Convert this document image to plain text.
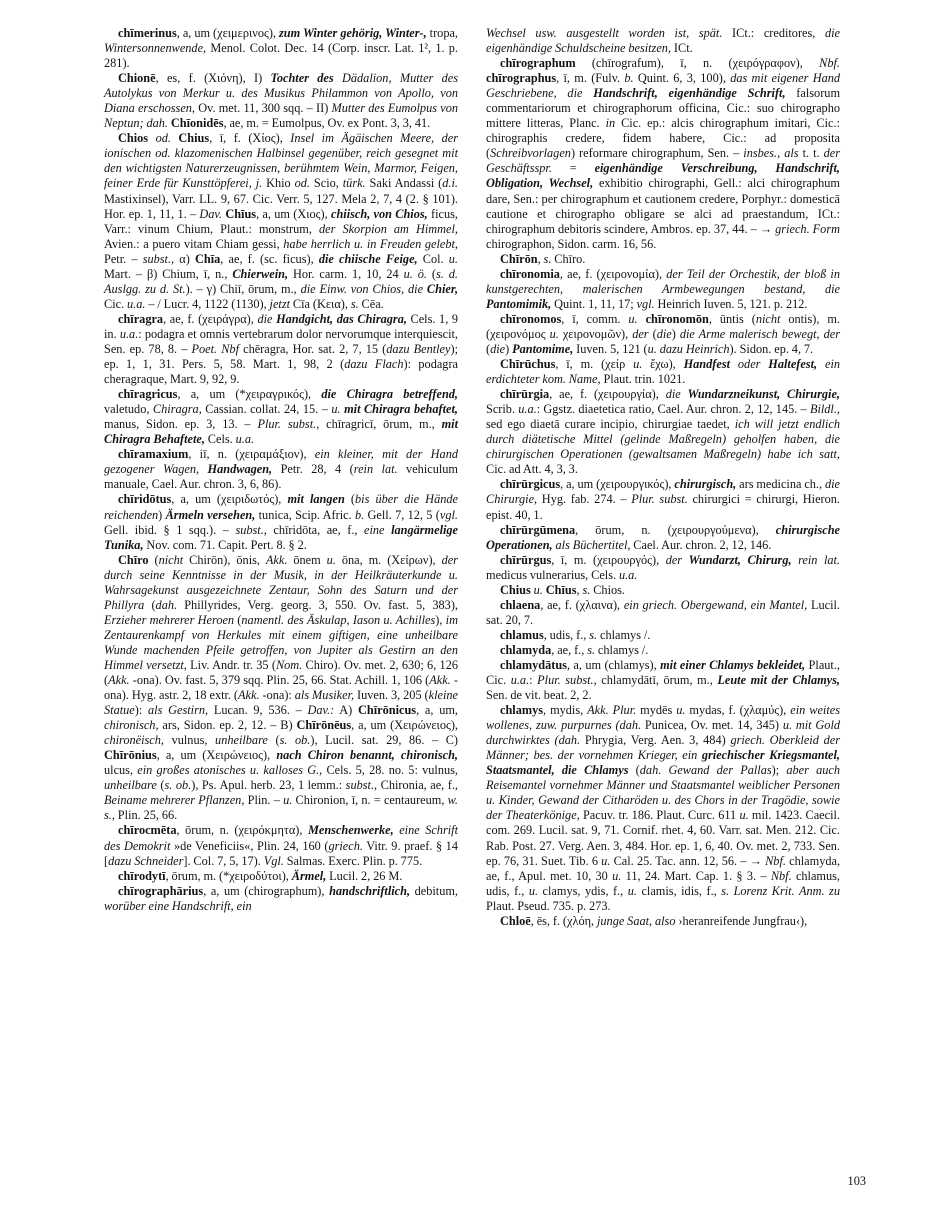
chīmerinus, a, um (χειμερινος), zum Winter gehörig, Winter-, tropa, Wintersonnenwende, Menol. Colot. Dec. 14 (Corp. inscr. Lat. 1², 1. p. 281).

Chionē, es, f. (Χιόνη), I) Tochter des Dädalion, Mutter des Autolykus von Merkur u. des Musikus Philammon von Apollo, von Diana erschossen, Ov. met. 11, 300 sqq. – II) Mutter des Eumolpus von Neptun; dah. Chīonidēs, ae, m. = Eumolpus, Ov. ex Pont. 3, 3, 41.

Chios od. Chius, ī, f. (Χίος), Insel im Ägäischen Meere, der ionischen od. klazomenischen Halbinsel gegenüber, reich gesegnet mit den wichtigsten Naturerzeugnissen, berühmtem Wein, Marmor, Feigen, feiner Erde für Kunsttöpferei, j. Khio od. Scio, türk. Saki Andassi (d.i. Mastixinsel), Varr. LL. 9, 67. Cic. Verr. 5, 127. Mela 2, 7, 4 (2. § 101). Hor. ep. 1, 11, 1. – Dav. Chīus, a, um (Χιος), chiisch, von Chios, ficus, Varr.: vinum Chium, Plaut.: monstrum, der Skorpion am Himmel, Avien.: a puero vitam Chiam gessi, habe herrlich u. in Freuden gelebt, Petr. – subst., α) Chīa, ae, f. (sc. ficus), die chiische Feige, Col. u. Mart. – β) Chium, ī, n., Chierwein, Hor. carm. 1, 10, 24 u. ö. (s. d. Auslgg. zu d. St.). – γ) Chiī, ōrum, m., die Einw. von Chios, die Chier, Cic. u.a. – / Lucr. 4, 1122 (1130), jetzt Cīa (Κεια), s. Cēa.

chīragra, ae, f. (χειράγρα), die Handgicht, das Chiragra, Cels. 1, 9 in. u.a.: podagra et omnis vertebrarum dolor nervorumque interquiescit, Sen. ep. 78, 8. – Poet. Nbf chēragra, Hor. sat. 2, 7, 15 (dazu Bentley); ep. 1, 1, 31. Pers. 5, 58. Mart. 1, 98, 2 (dazu Flach): podagra cheragraque, Mart. 9, 92, 9.

chīragricus, a, um (*χειραγρικός), die Chiragra betreffend, valetudo, Chiragra, Cassian. collat. 24, 15. – u. mit Chiragra behaftet, manus, Sidon. ep. 3, 13. – Plur. subst., chīragricī, ōrum, m., mit Chiragra Behaftete, Cels. u.a.

chīramaxium, iī, n. (χειραμάξιον), ein kleiner, mit der Hand gezogener Wagen, Handwagen, Petr. 28, 4 (rein lat. vehiculum manuale, Cael. Aur. chron. 3, 6, 86).

chīridōtus, a, um (χειριδωτός), mit langen (bis über die Hände reichenden) Ärmeln versehen, tunica, Scip. Afric. b. Gell. 7, 12, 5 (vgl. Gell. ibid. § 1 sqq.). – subst., chīridōta, ae, f., eine langärmelige Tunika, Nov. com. 71. Capit. Pert. 8. § 2.

Chīro (nicht Chirōn), ōnis, Akk. ōnem u. ōna, m. (Χείρων), der durch seine Kenntnisse in der Musik, in der Heilkräuterkunde u. Wahrsagekunst ausgezeichnete Zentaur, Sohn des Saturn und der Phillyra (dah. Phillyrides, Verg. georg. 3, 550. Ov. fast. 5, 383), Erzieher mehrerer Heroen (namentl. des Äskulap, Iason u. Achilles), im Zentaurenkampf von Herkules mit einem giftigen, eine unheilbare Wunde machenden Pfeile getroffen, von Jupiter als Gestirn an den Himmel versetzt, Liv. Andr. tr. 35 (Nom. Chiro). Ov. met. 2, 630; 6, 126 (Akk. -ona). Ov. fast. 5, 379 sqq. Plin. 25, 66. Stat. Achill. 1, 106 (Akk. -ona). Hyg. astr. 2, 18 extr. (Akk. -ona): als Musiker, Iuven. 3, 205 (kleine Statue): als Gestirn, Lucan. 9, 536. – Dav.: A) Chīrōnicus, a, um, chironisch, ars, Sidon. ep. 2, 12. – B) Chīrōnēus, a, um (Χειρώνειος), chironëisch, vulnus, unheilbare (s. ob.), Lucil. sat. 29, 86. – C) Chīrōnius, a, um (Χειρώνειος), nach Chiron benannt, chironisch, ulcus, ein großes atonisches u. kalloses G., Cels. 5, 28. no. 5: vulnus, unheilbare (s. ob.), Ps. Apul. herb. 23, 1 lemm.: subst., Chironia, ae, f., Beiname mehrerer Pflanzen, Plin. – u. Chironion, ī, n. = centaureum, w. s., Plin. 25, 66.

chīrocmēta, ōrum, n. (χειρόκμητα), Menschenwerke, eine Schrift des Demokrit »de Veneficiis«, Plin. 24, 160 (griech. Vitr. 9. praef. § 14 [dazu Schneider]. Col. 7, 5, 17). Vgl. Salmas. Exerc. Plin. p. 775.

chīrodytī, ōrum, m. (*χειροδύτοι), Ärmel, Lucil. 2, 26 M.

chīrographārius, a, um (chirographum), handschriftlich, debitum, worüber eine Handschrift, ein

Wechsel usw. ausgestellt worden ist, spät. ICt.: creditores, die eigenhändige Schuldscheine besitzen, ICt.

chīrographum (chīrografum), ī, n. (χειρόγραφον), Nbf. chīrographus, ī, m. (Fulv. b. Quint. 6, 3, 100), das mit eigener Hand Geschriebene, die Handschrift, eigenhändige Schrift, falsorum commentariorum et chirographorum officina, Cic.: suo chirographo mittere litteras, Planc. in Cic. ep.: alcis chirographum imitari, Cic.: chirographis credere, fidem habere, Cic.: ad proposita (Schreibvorlagen) reformare chirographum, Sen. – insbes., als t. t. der Geschäftsspr. = eigenhändige Verschreibung, Handschrift, Obligation, Wechsel, exhibitio chirographi, Gell.: alci chirographum dare, Sen.: per chirographum et cautionem credere, Porphyr.: domesticā cautione et chirographo obligare se alci ad praestandum, ICt.: chirographum debitoris scindere, Ambros. ep. 37, 44. – → griech. Form chirographon, Sidon. carm. 16, 56.

Chīrōn, s. Chīro.

chīronomia, ae, f. (χειρονομία), der Teil der Orchestik, der bloß in kunstgerechten, malerischen Armbewegungen bestand, die Pantomimik, Quint. 1, 11, 17; vgl. Heinrich Iuven. 5, 121. p. 212.

chīronomos, ī, comm. u. chīronomōn, ūntis (nicht ontis), m. (χειρονόμος u. χειρονομῶν), der (die) die Arme malerisch bewegt, der (die) Pantomime, Iuven. 5, 121 (u. dazu Heinrich). Sidon. ep. 4, 7.

Chīrūchus, ī, m. (χείρ u. ἔχω), Handfest oder Haltefest, ein erdichteter kom. Name, Plaut. trin. 1021.

chīrūrgia, ae, f. (χειρουργία), die Wundarzneikunst, Chirurgie, Scrib. u.a.: Ggstz. diaetetica ratio, Cael. Aur. chron. 2, 12, 145. – Bildl., sed ego diaetā curare incipio, chirurgiae taedet, ich will jetzt endlich durch diätetische Mittel (gelinde Maßregeln) geholfen haben, die chirurgischen Operationen (gewaltsamen Maßregeln) habe ich satt, Cic. ad Att. 4, 3, 3.

chīrūrgicus, a, um (χειρουργικός), chirurgisch, ars medicina ch., die Chirurgie, Hyg. fab. 274. – Plur. subst. chirurgici = chirurgi, Hieron. epist. 40, 1.

chīrūrgūmena, ōrum, n. (χειρουργούμενα), chirurgische Operationen, als Büchertitel, Cael. Aur. chron. 2, 12, 146.

chīrūrgus, ī, m. (χειρουργός), der Wundarzt, Chirurg, rein lat. medicus vulnerarius, Cels. u.a.

Chius u. Chīus, s. Chios.

chlaena, ae, f. (χλαινα), ein griech. Obergewand, ein Mantel, Lucil. sat. 20, 7.

chlamus, udis, f., s. chlamys /.

chlamyda, ae, f., s. chlamys /.

chlamydātus, a, um (chlamys), mit einer Chlamys bekleidet, Plaut., Cic. u.a.: Plur. subst., chlamydātī, ōrum, m., Leute mit der Chlamys, Sen. de vit. beat. 2, 2.

chlamys, mydis, Akk. Plur. mydēs u. mydas, f. (χλαμύς), ein weites wollenes, zuw. purpurnes (dah. Punicea, Ov. met. 14, 345) u. mit Gold durchwirktes (dah. Phrygia, Verg. Aen. 3, 484) griech. Oberkleid der Männer; bes. der vornehmen Krieger, ein griechischer Kriegsmantel, Staatsmantel, die Chlamys (dah. Gewand der Pallas); aber auch Reisemantel vornehmer Männer und Staatsmantel weiblicher Personen u. Kinder, Gewand der Citharöden u. des Chors in der Tragödie, sowie der Theaterkönige, Pacuv. tr. 186. Plaut. Curc. 611 u. mil. 1423. Caecil. com. 269. Lucil. sat. 9, 71. Cornif. rhet. 4, 60. Varr. sat. Men. 212. Cic. Rab. Post. 27. Verg. Aen. 3, 484. Hor. ep. 1, 6, 40. Ov. met. 2, 733. Sen. ep. 76, 31. Suet. Tib. 6 u. Cal. 25. Tac. ann. 12, 56. – → Nbf. chlamyda, ae, f., Apul. met. 10, 30 u. 11, 24. Mart. Cap. 1. § 3. – Nbf. chlamus, udis, f., u. clamys, ydis, f., u. clamis, idis, f., s. Lorenz Krit. Anm. zu Plaut. Pseud. 735. p. 273.

Chloē, ēs, f. (χλόη, junge Saat, also ›heranreifende Jungfrau‹),

103
